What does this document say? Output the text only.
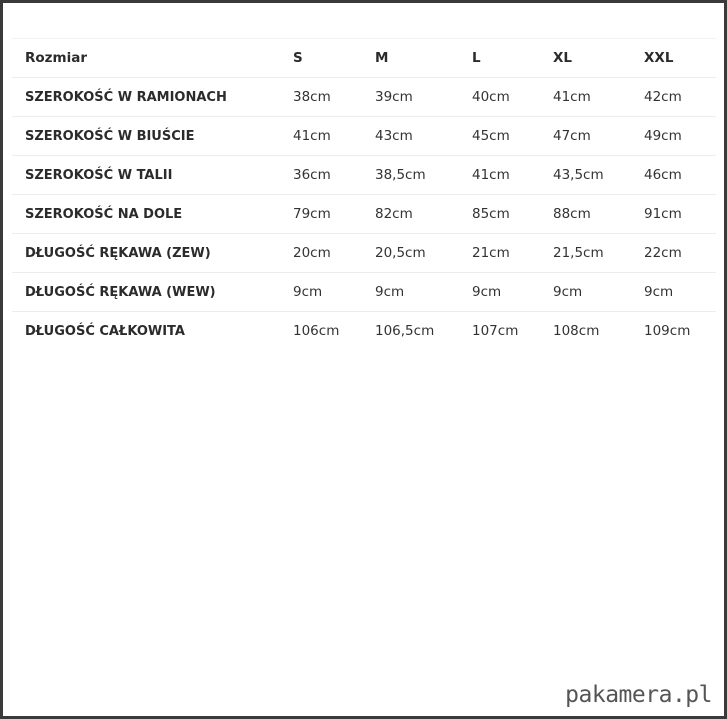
Rozmiar	S	M	L	XL	XXL
SZEROKOŚĆ W RAMIONACH	38cm	39cm	40cm	41cm	42cm
SZEROKOŚĆ W BIUŚCIE	41cm	43cm	45cm	47cm	49cm
SZEROKOŚĆ W TALII	36cm	38,5cm	41cm	43,5cm	46cm
SZEROKOŚĆ NA DOLE	79cm	82cm	85cm	88cm	91cm
DŁUGOŚĆ RĘKAWA (ZEW)	20cm	20,5cm	21cm	21,5cm	22cm
DŁUGOŚĆ RĘKAWA (WEW)	9cm	9cm	9cm	9cm	9cm
DŁUGOŚĆ CAŁKOWITA	106cm	106,5cm	107cm	108cm	109cm
pakamera.pl
